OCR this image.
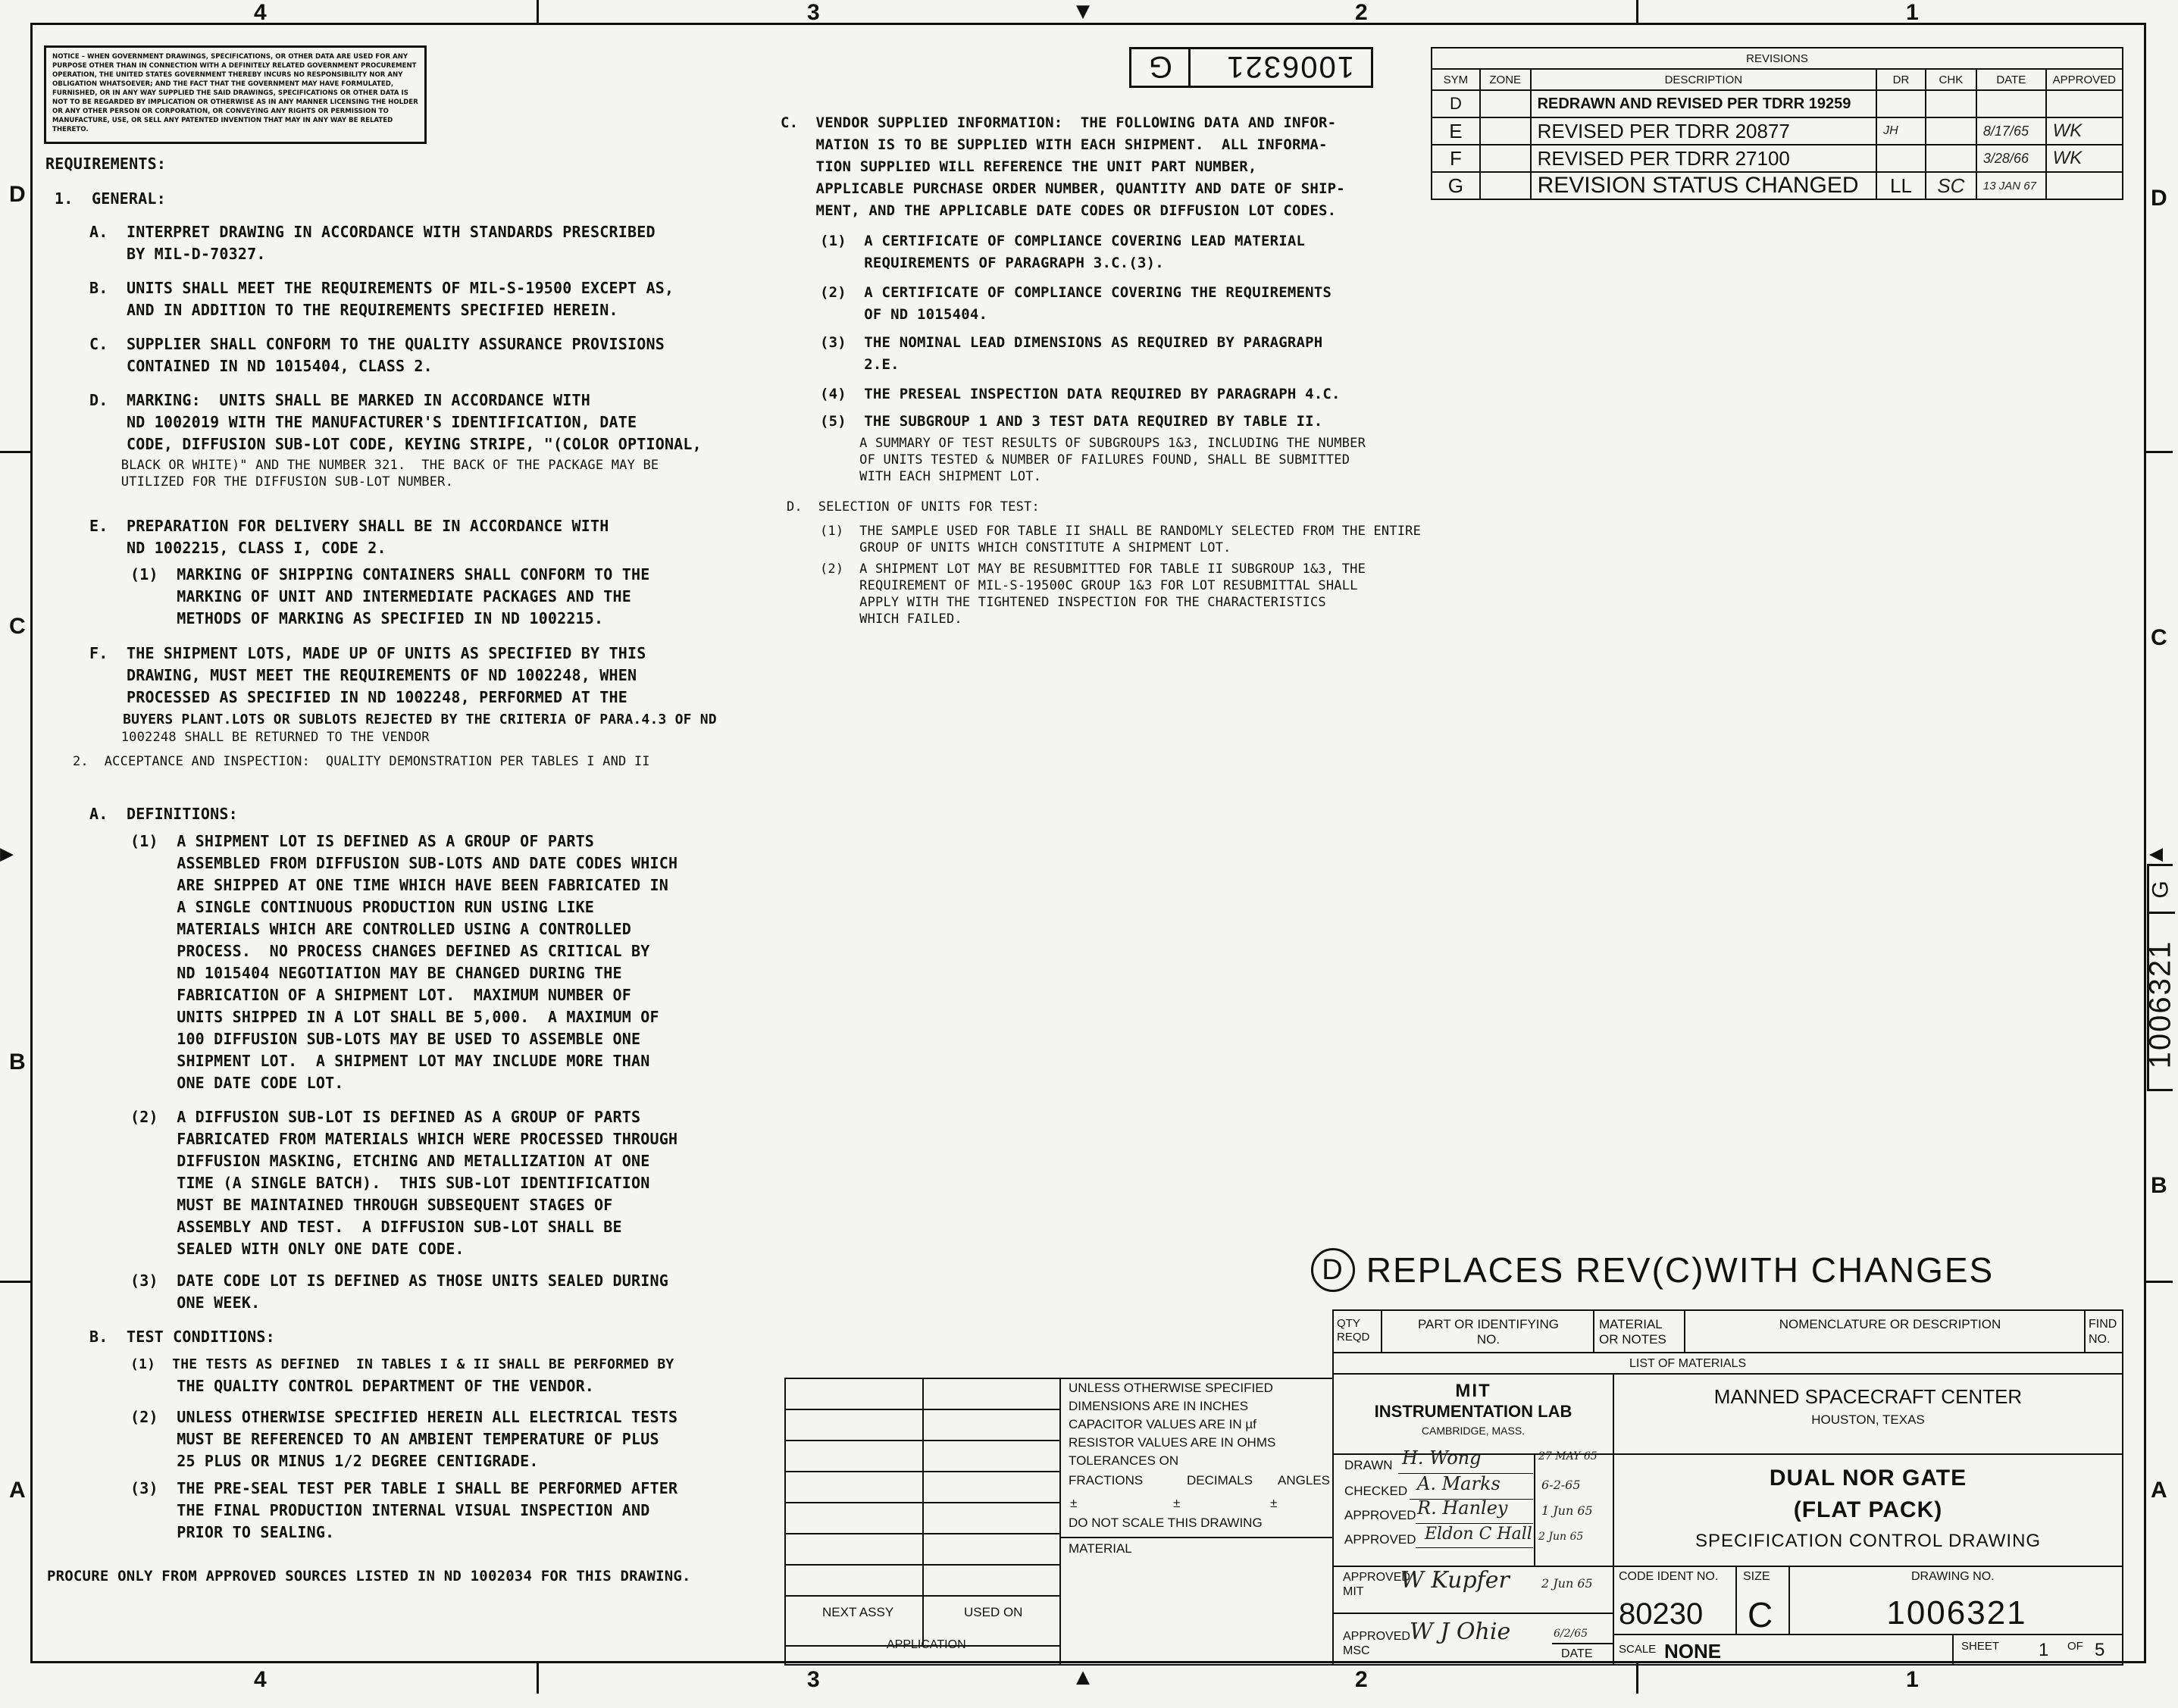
▼
▲
▶	◀
4	3	2	1
4	3	2	1
D
C
B
A
D
C
B
A
NOTICE – WHEN GOVERNMENT DRAWINGS, SPECIFICATIONS, OR OTHER DATA ARE USED FOR ANY PURPOSE OTHER THAN IN CONNECTION WITH A DEFINITELY RELATED GOVERNMENT PROCUREMENT OPERATION, THE UNITED STATES GOVERNMENT THEREBY INCURS NO RESPONSIBILITY NOR ANY OBLIGATION WHATSOEVER; AND THE FACT THAT THE GOVERNMENT MAY HAVE FORMULATED, FURNISHED, OR IN ANY WAY SUPPLIED THE SAID DRAWINGS, SPECIFICATIONS OR OTHER DATA IS NOT TO BE REGARDED BY IMPLICATION OR OTHERWISE AS IN ANY MANNER LICENSING THE HOLDER OR ANY OTHER PERSON OR CORPORATION, OR CONVEYING ANY RIGHTS OR PERMISSION TO MANUFACTURE, USE, OR SELL ANY PATENTED INVENTION THAT MAY IN ANY WAY BE RELATED THERETO.
1006321
G
G
1006321
REVISIONS						
SYM	ZONE	DESCRIPTION	DR	CHK	DATE	APPROVED
D		REDRAWN AND REVISED PER TDRR 19259				
E		REVISED PER TDRR 20877	JH		8/17/65	WK
F		REVISED PER TDRR 27100			3/28/66	WK
G		REVISION STATUS CHANGED	LL	SC	13 JAN 67	
REQUIREMENTS:
1.  GENERAL:
A.  INTERPRET DRAWING IN ACCORDANCE WITH STANDARDS PRESCRIBED
BY MIL-D-70327.
B.  UNITS SHALL MEET THE REQUIREMENTS OF MIL-S-19500 EXCEPT AS,
AND IN ADDITION TO THE REQUIREMENTS SPECIFIED HEREIN.
C.  SUPPLIER SHALL CONFORM TO THE QUALITY ASSURANCE PROVISIONS
CONTAINED IN ND 1015404, CLASS 2.
D.  MARKING:  UNITS SHALL BE MARKED IN ACCORDANCE WITH
ND 1002019 WITH THE MANUFACTURER'S IDENTIFICATION, DATE
CODE, DIFFUSION SUB-LOT CODE, KEYING STRIPE, "(COLOR OPTIONAL,
BLACK OR WHITE)" AND THE NUMBER 321.  THE BACK OF THE PACKAGE MAY BE
UTILIZED FOR THE DIFFUSION SUB-LOT NUMBER.
E.  PREPARATION FOR DELIVERY SHALL BE IN ACCORDANCE WITH
ND 1002215, CLASS I, CODE 2.
(1)  MARKING OF SHIPPING CONTAINERS SHALL CONFORM TO THE
MARKING OF UNIT AND INTERMEDIATE PACKAGES AND THE
METHODS OF MARKING AS SPECIFIED IN ND 1002215.
F.  THE SHIPMENT LOTS, MADE UP OF UNITS AS SPECIFIED BY THIS
DRAWING, MUST MEET THE REQUIREMENTS OF ND 1002248, WHEN
PROCESSED AS SPECIFIED IN ND 1002248, PERFORMED AT THE
BUYERS PLANT.LOTS OR SUBLOTS REJECTED BY THE CRITERIA OF PARA.4.3 OF ND
1002248 SHALL BE RETURNED TO THE VENDOR
2.  ACCEPTANCE AND INSPECTION:  QUALITY DEMONSTRATION PER TABLES I AND II
A.  DEFINITIONS:
(1)  A SHIPMENT LOT IS DEFINED AS A GROUP OF PARTS
ASSEMBLED FROM DIFFUSION SUB-LOTS AND DATE CODES WHICH
ARE SHIPPED AT ONE TIME WHICH HAVE BEEN FABRICATED IN
A SINGLE CONTINUOUS PRODUCTION RUN USING LIKE
MATERIALS WHICH ARE CONTROLLED USING A CONTROLLED
PROCESS.  NO PROCESS CHANGES DEFINED AS CRITICAL BY
ND 1015404 NEGOTIATION MAY BE CHANGED DURING THE
FABRICATION OF A SHIPMENT LOT.  MAXIMUM NUMBER OF
UNITS SHIPPED IN A LOT SHALL BE 5,000.  A MAXIMUM OF
100 DIFFUSION SUB-LOTS MAY BE USED TO ASSEMBLE ONE
SHIPMENT LOT.  A SHIPMENT LOT MAY INCLUDE MORE THAN
ONE DATE CODE LOT.
(2)  A DIFFUSION SUB-LOT IS DEFINED AS A GROUP OF PARTS
FABRICATED FROM MATERIALS WHICH WERE PROCESSED THROUGH
DIFFUSION MASKING, ETCHING AND METALLIZATION AT ONE
TIME (A SINGLE BATCH).  THIS SUB-LOT IDENTIFICATION
MUST BE MAINTAINED THROUGH SUBSEQUENT STAGES OF
ASSEMBLY AND TEST.  A DIFFUSION SUB-LOT SHALL BE
SEALED WITH ONLY ONE DATE CODE.
(3)  DATE CODE LOT IS DEFINED AS THOSE UNITS SEALED DURING
ONE WEEK.
B.  TEST CONDITIONS:
(1)  THE TESTS AS DEFINED  IN TABLES I & II SHALL BE PERFORMED BY
THE QUALITY CONTROL DEPARTMENT OF THE VENDOR.
(2)  UNLESS OTHERWISE SPECIFIED HEREIN ALL ELECTRICAL TESTS
MUST BE REFERENCED TO AN AMBIENT TEMPERATURE OF PLUS
25 PLUS OR MINUS 1/2 DEGREE CENTIGRADE.
(3)  THE PRE-SEAL TEST PER TABLE I SHALL BE PERFORMED AFTER
THE FINAL PRODUCTION INTERNAL VISUAL INSPECTION AND
PRIOR TO SEALING.
PROCURE ONLY FROM APPROVED SOURCES LISTED IN ND 1002034 FOR THIS DRAWING.
C.  VENDOR SUPPLIED INFORMATION:  THE FOLLOWING DATA AND INFOR-
MATION IS TO BE SUPPLIED WITH EACH SHIPMENT.  ALL INFORMA-
TION SUPPLIED WILL REFERENCE THE UNIT PART NUMBER,
APPLICABLE PURCHASE ORDER NUMBER, QUANTITY AND DATE OF SHIP-
MENT, AND THE APPLICABLE DATE CODES OR DIFFUSION LOT CODES.
(1)  A CERTIFICATE OF COMPLIANCE COVERING LEAD MATERIAL
REQUIREMENTS OF PARAGRAPH 3.C.(3).
(2)  A CERTIFICATE OF COMPLIANCE COVERING THE REQUIREMENTS
OF ND 1015404.
(3)  THE NOMINAL LEAD DIMENSIONS AS REQUIRED BY PARAGRAPH
2.E.
(4)  THE PRESEAL INSPECTION DATA REQUIRED BY PARAGRAPH 4.C.
(5)  THE SUBGROUP 1 AND 3 TEST DATA REQUIRED BY TABLE II.
A SUMMARY OF TEST RESULTS OF SUBGROUPS 1&3, INCLUDING THE NUMBER
OF UNITS TESTED & NUMBER OF FAILURES FOUND, SHALL BE SUBMITTED
WITH EACH SHIPMENT LOT.
D.  SELECTION OF UNITS FOR TEST:
(1)  THE SAMPLE USED FOR TABLE II SHALL BE RANDOMLY SELECTED FROM THE ENTIRE
GROUP OF UNITS WHICH CONSTITUTE A SHIPMENT LOT.
(2)  A SHIPMENT LOT MAY BE RESUBMITTED FOR TABLE II SUBGROUP 1&3, THE
REQUIREMENT OF MIL-S-19500C GROUP 1&3 FOR LOT RESUBMITTAL SHALL
APPLY WITH THE TIGHTENED INSPECTION FOR THE CHARACTERISTICS
WHICH FAILED.
D REPLACES REV(C)WITH CHANGES
QTY REQD
PART OR IDENTIFYING NO.
MATERIAL OR NOTES
NOMENCLATURE OR DESCRIPTION	FIND NO.
LIST OF MATERIALS
NEXT ASSY	USED ON
APPLICATION
UNLESS OTHERWISE SPECIFIED
DIMENSIONS ARE IN INCHES
CAPACITOR VALUES ARE IN µf
RESISTOR VALUES ARE IN OHMS
TOLERANCES ON
FRACTIONS	DECIMALS ANGLES
±	±	±
DO NOT SCALE THIS DRAWING
MATERIAL
MIT
INSTRUMENTATION LAB
CAMBRIDGE, MASS.
MANNED SPACECRAFT CENTER
HOUSTON, TEXAS
DRAWN H. Wong	27 MAY 65
CHECKED A. Marks	6-2-65
APPROVED R. Hanley	1 Jun 65
APPROVED Eldon C Hall 2 Jun 65
DUAL NOR GATE
(FLAT PACK)
SPECIFICATION CONTROL DRAWING
APPROVED MIT	W Kupfer	2 Jun 65
APPROVED MSC
W J Ohie	6/2/65
DATE
CODE IDENT NO.
80230
SIZE
C
DRAWING NO.
1006321
SCALE NONE	SHEET 1 OF 5
